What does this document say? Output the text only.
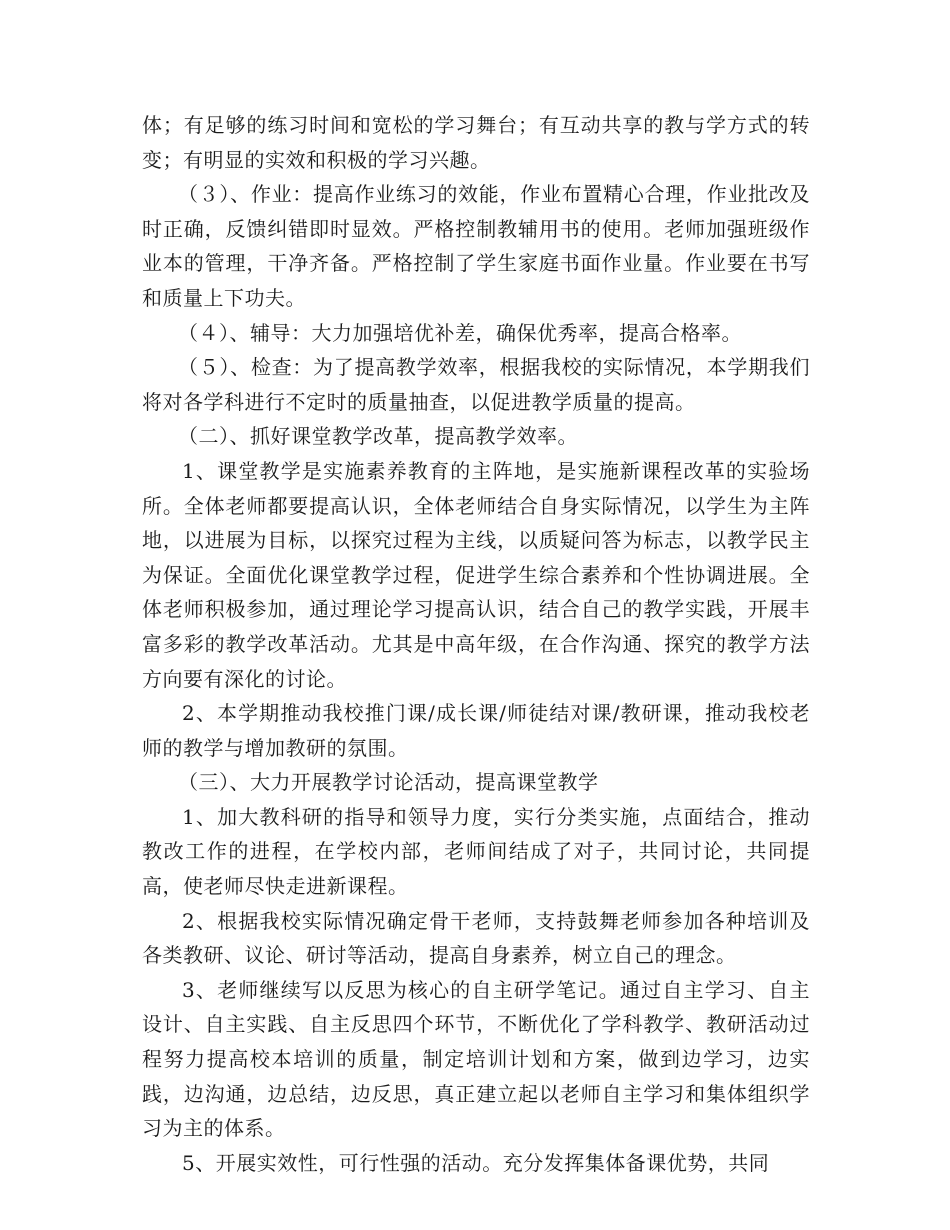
体；有足够的练习时间和宽松的学习舞台；有互动共享的教与学方式的转变；有明显的实效和积极的学习兴趣。

（３）、作业：提高作业练习的效能，作业布置精心合理，作业批改及时正确，反馈纠错即时显效。严格控制教辅用书的使用。老师加强班级作业本的管理，干净齐备。严格控制了学生家庭书面作业量。作业要在书写和质量上下功夫。

（４）、辅导：大力加强培优补差，确保优秀率，提高合格率。

（５）、检查：为了提高教学效率，根据我校的实际情况，本学期我们将对各学科进行不定时的质量抽查，以促进教学质量的提高。

（二）、抓好课堂教学改革，提高教学效率。

1、课堂教学是实施素养教育的主阵地，是实施新课程改革的实验场所。全体老师都要提高认识，全体老师结合自身实际情况，以学生为主阵地，以进展为目标，以探究过程为主线，以质疑问答为标志，以教学民主为保证。全面优化课堂教学过程，促进学生综合素养和个性协调进展。全体老师积极参加，通过理论学习提高认识，结合自己的教学实践，开展丰富多彩的教学改革活动。尤其是中高年级，在合作沟通、探究的教学方法方向要有深化的讨论。

2、本学期推动我校推门课/成长课/师徒结对课/教研课，推动我校老师的教学与增加教研的氛围。

（三）、大力开展教学讨论活动，提高课堂教学

1、加大教科研的指导和领导力度，实行分类实施，点面结合，推动教改工作的进程，在学校内部，老师间结成了对子，共同讨论，共同提高，使老师尽快走进新课程。

2、根据我校实际情况确定骨干老师，支持鼓舞老师参加各种培训及各类教研、议论、研讨等活动，提高自身素养，树立自己的理念。

3、老师继续写以反思为核心的自主研学笔记。通过自主学习、自主设计、自主实践、自主反思四个环节，不断优化了学科教学、教研活动过程努力提高校本培训的质量，制定培训计划和方案，做到边学习，边实践，边沟通，边总结，边反思，真正建立起以老师自主学习和集体组织学习为主的体系。

5、开展实效性，可行性强的活动。充分发挥集体备课优势，共同
